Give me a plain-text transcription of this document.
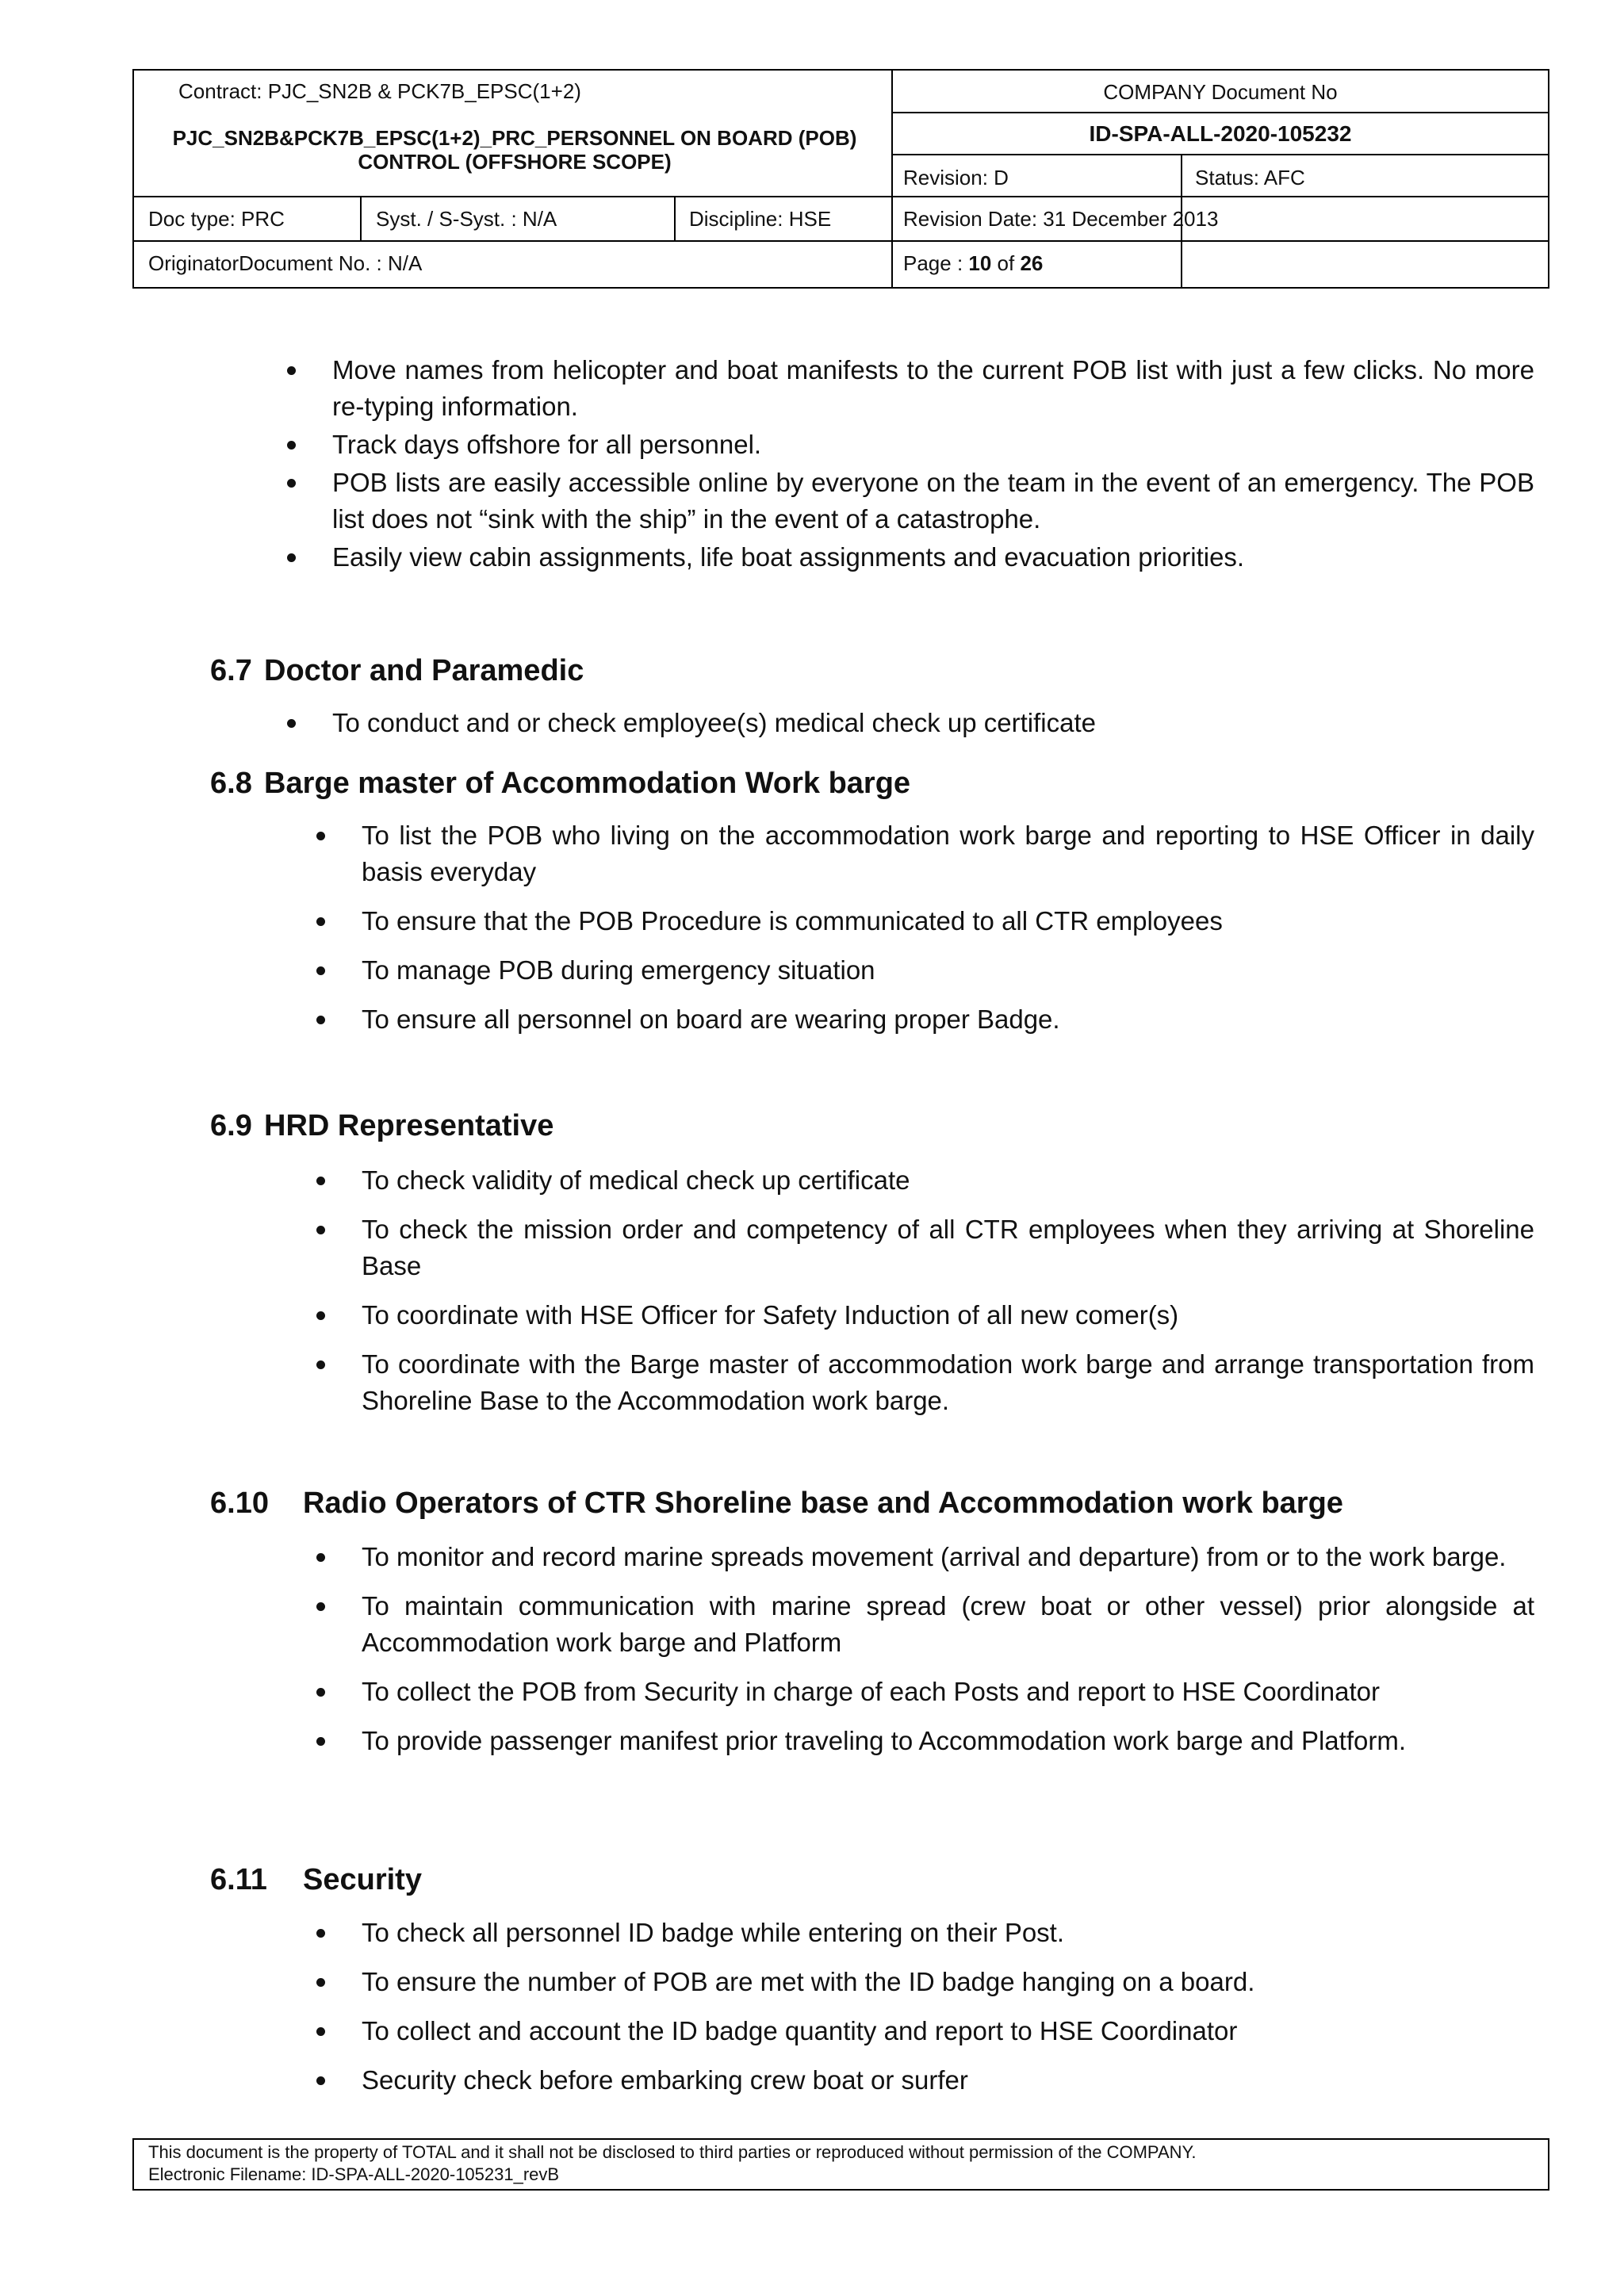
Contract: PJC_SN2B & PCK7B_EPSC(1+2)
PJC_SN2B&PCK7B_EPSC(1+2)_PRC_PERSONNEL ON BOARD (POB) CONTROL (OFFSHORE SCOPE)
COMPANY Document No
ID-SPA-ALL-2020-105232
Revision: D	Status: AFC
Doc type: PRC	Syst. / S-Syst. : N/A	Discipline: HSE	Revision Date: 31 December 2013
OriginatorDocument No. : N/A	Page : 10 of 26
Move names from helicopter and boat manifests to the current POB list with just a few clicks. No more re-typing information.
Track days offshore for all personnel.
POB lists are easily accessible online by everyone on the team in the event of an emergency. The POB list does not “sink with the ship” in the event of a catastrophe.
Easily view cabin assignments, life boat assignments and evacuation priorities.
6.7 Doctor and Paramedic
To conduct and or check employee(s) medical check up certificate
6.8 Barge master of Accommodation Work barge
To list the POB who living on the accommodation work barge and reporting to HSE Officer in daily basis everyday
To ensure that the POB Procedure is communicated to all CTR employees
To manage POB during emergency situation
To ensure all personnel on board are wearing proper Badge.
6.9 HRD Representative
To check validity of medical check up certificate
To check the mission order and competency of all CTR employees when they arriving at Shoreline Base
To coordinate with HSE Officer for Safety Induction of all new comer(s)
To coordinate with the Barge master of accommodation work barge and arrange transportation from Shoreline Base to the Accommodation work barge.
6.10 Radio Operators of CTR Shoreline base and Accommodation work barge
To monitor and record marine spreads movement (arrival and departure) from or to the work barge.
To maintain communication with marine spread (crew boat or other vessel) prior alongside at Accommodation work barge and Platform
To collect the POB from Security in charge of each Posts and report to HSE Coordinator
To provide passenger manifest prior traveling to Accommodation work barge and Platform.
6.11 Security
To check all personnel ID badge while entering on their Post.
To ensure the number of POB are met with the ID badge hanging on a board.
To collect and account the ID badge quantity and report to HSE Coordinator
Security check before embarking crew boat or surfer
This document is the property of TOTAL and it shall not be disclosed to third parties or reproduced without permission of the COMPANY.
Electronic Filename: ID-SPA-ALL-2020-105231_revB
